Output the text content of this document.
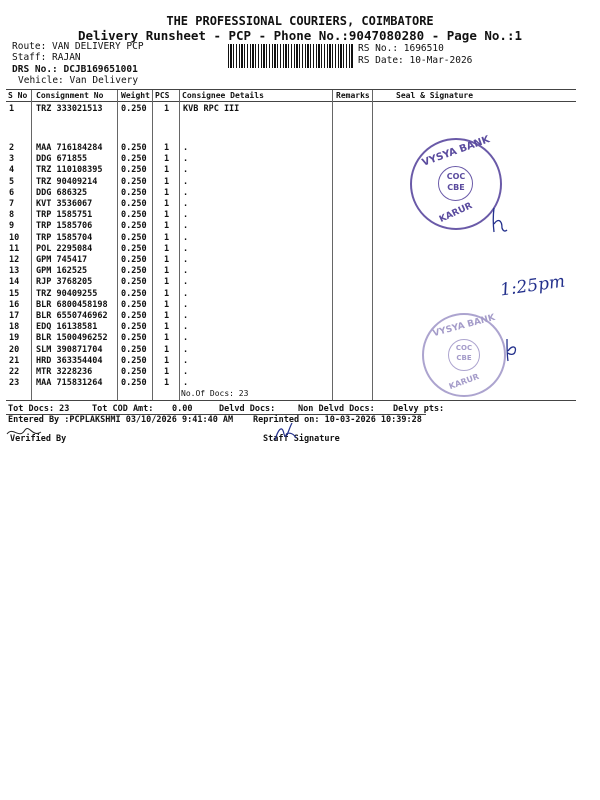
THE PROFESSIONAL COURIERS, COIMBATORE
Delivery Runsheet - PCP - Phone No.:9047080280 - Page No.:1
Route: VAN DELIVERY PCP
Staff: RAJAN
DRS No.: DCJB169651001
Vehicle: Van Delivery
RS No.: 1696510
RS Date: 10-Mar-2026
S No Consignment No Weight PCS Consignee Details	Remarks	Seal & Signature
1	TRZ 333021513 0.250 1 KVB RPC III
2	MAA 716184284 0.250 1 .
3	DDG 671855	0.250 1 .
4	TRZ 110108395 0.250 1 .
5	TRZ 90409214	0.250 1 .
6	DDG 686325	0.250 1 .
7	KVT 3536067	0.250 1 .
8	TRP 1585751	0.250 1 .
9	TRP 1585706	0.250 1 .
10 TRP 1585704	0.250 1 .
11 POL 2295084	0.250 1 .
12 GPM 745417	0.250 1 .
13 GPM 162525	0.250 1 .
14 RJP 3768205	0.250 1 .
15 TRZ 90409255	0.250 1 .
16 BLR 6800458198 0.250 1 .
17 BLR 6550746962 0.250 1 .
18 EDQ 16138581	0.250 1 .
19 BLR 1500496252 0.250 1 .
20 SLM 390871704 0.250 1 .
21 HRD 363354404 0.250 1 .
22 MTR 3228236	0.250 1 .
23 MAA 715831264 0.250 1 .
No.Of Docs: 23
VYSYA BANK
COC
CBE
KARUR
VYSYA BANK
COC
CBE
KARUR
1:25pm
Tot Docs: 23	Tot COD Amt: 0.00	Delvd Docs:	Non Delvd Docs: Delvy pts:
Entered By :PCPLAKSHMI 03/10/2026 9:41:40 AM Reprinted on: 10-03-2026 10:39:28
Verified By	Staff Signature
